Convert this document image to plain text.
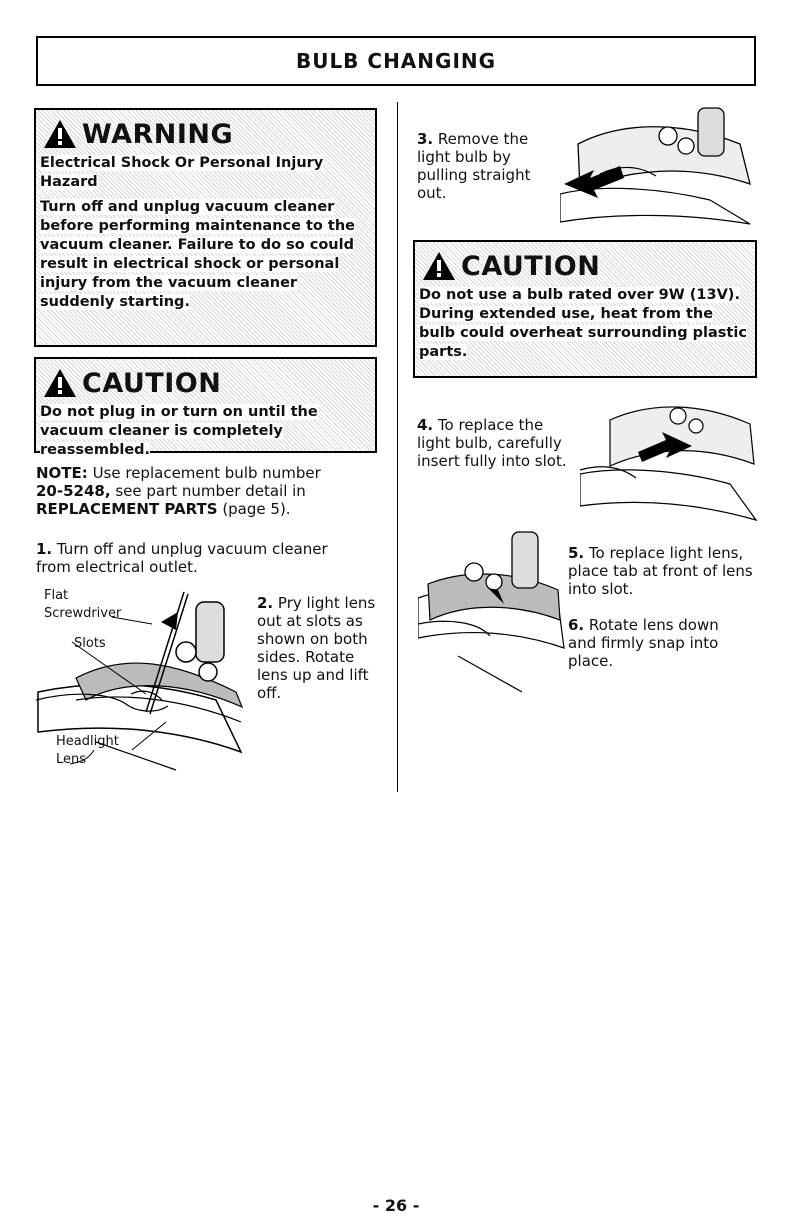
BULB CHANGING
WARNING

Electrical Shock Or Personal Injury Hazard

Turn off and unplug vacuum cleaner before performing maintenance to the vacuum cleaner. Failure to do so could result in electrical shock or personal injury from the vacuum cleaner suddenly starting.

CAUTION

Do not plug in or turn on until the vacuum cleaner is completely reassembled.

NOTE: Use replacement bulb number
20-5248, see part number detail in
REPLACEMENT PARTS (page 5).
1. Turn off and unplug vacuum cleaner from electrical outlet.
Flat
Screwdriver
Slots
Headlight
Lens
2. Pry light lens out at slots as shown on both sides. Rotate lens up and lift off.
3. Remove the light bulb by pulling straight out.
CAUTION

Do not use a bulb rated over 9W (13V). During extended use, heat from the bulb could overheat surrounding plastic parts.

4. To replace the light bulb, carefully insert fully into slot.
5. To replace light lens, place tab at front of lens into slot.
6. Rotate lens down and firmly snap into place.
- 26 -
